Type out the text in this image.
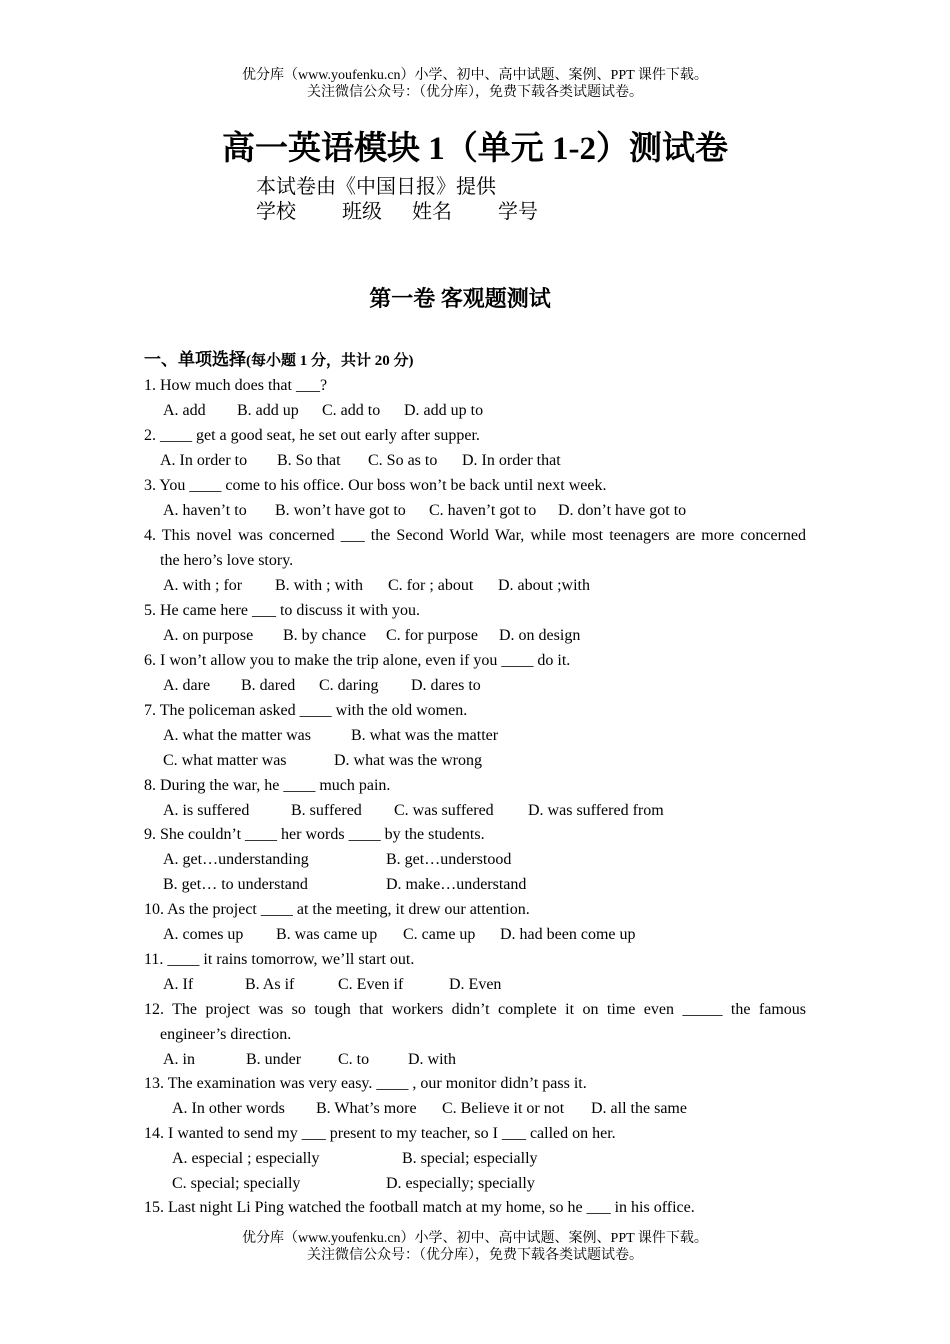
优分库（www.youfenku.cn）小学、初中、高中试题、案例、PPT 课件下载。
关注微信公众号：（优分库），免费下载各类试题试卷。
高一英语模块 1（单元 1-2）测试卷
本试卷由《中国日报》提供
学校 班级 姓名 学号
第一卷 客观题测试
一、单项选择(每小题 1 分，共计 20 分)
1. How much does that ___?
A. add B. add up C. add to D. add up to
2. ____ get a good seat, he set out early after supper.
A. In order to B. So that C. So as to D. In order that
3. You ____ come to his office. Our boss won’t be back until next week.
A. haven’t to B. won’t have got to C. haven’t got to D. don’t have got to
4. This novel was concerned ___ the Second World War, while most teenagers are more concerned
the hero’s love story.
A. with ; for B. with ; with C. for ; about D. about ;with
5. He came here ___ to discuss it with you.
A. on purpose B. by chance C. for purpose D. on design
6. I won’t allow you to make the trip alone, even if you ____ do it.
A. dare B. dared C. daring D. dares to
7. The policeman asked ____ with the old women.
A. what the matter was	B. what was the matter
C. what matter was	D. what was the wrong
8. During the war, he ____ much pain.
A. is suffered	B. suffered C. was suffered D. was suffered from
9. She couldn’t ____ her words ____ by the students.
A. get…understanding	B. get…understood
B. get… to understand	D. make…understand
10. As the project ____ at the meeting, it drew our attention.
A. comes up B. was came up C. came up D. had been come up
11. ____ it rains tomorrow, we’ll start out.
A. If	B. As if	C. Even if	D. Even
12. The project was so tough that workers didn’t complete it on time even _____ the famous
engineer’s direction.
A. in	B. under C. to D. with
13. The examination was very easy. ____ , our monitor didn’t pass it.
A. In other words B. What’s more C. Believe it or not D. all the same
14. I wanted to send my ___ present to my teacher, so I ___ called on her.
A. especial ; especially	B. special; especially
C. special; specially	D. especially; specially
15. Last night Li Ping watched the football match at my home, so he ___ in his office.
优分库（www.youfenku.cn）小学、初中、高中试题、案例、PPT 课件下载。
关注微信公众号：（优分库），免费下载各类试题试卷。
